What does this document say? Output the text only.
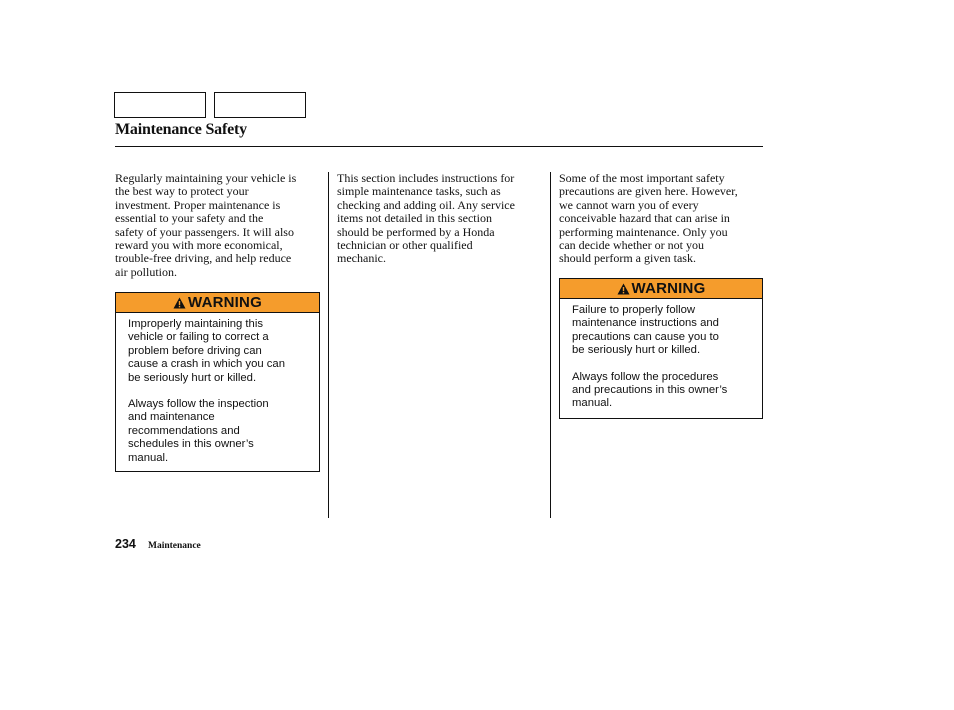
Maintenance Safety

Regularly maintaining your vehicle is
the best way to protect your
investment. Proper maintenance is
essential to your safety and the
safety of your passengers. It will also
reward you with more economical,
trouble-free driving, and help reduce
air pollution.

This section includes instructions for
simple maintenance tasks, such as
checking and adding oil. Any service
items not detailed in this section
should be performed by a Honda
technician or other qualified
mechanic.

Some of the most important safety
precautions are given here. However,
we cannot warn you of every
conceivable hazard that can arise in
performing maintenance. Only you
can decide whether or not you
should perform a given task.

WARNING

Improperly maintaining this
vehicle or failing to correct a
problem before driving can
cause a crash in which you can
be seriously hurt or killed.

Always follow the inspection
and maintenance
recommendations and
schedules in this owner’s
manual.

WARNING

Failure to properly follow
maintenance instructions and
precautions can cause you to
be seriously hurt or killed.

Always follow the procedures
and precautions in this owner’s
manual.

234 Maintenance
